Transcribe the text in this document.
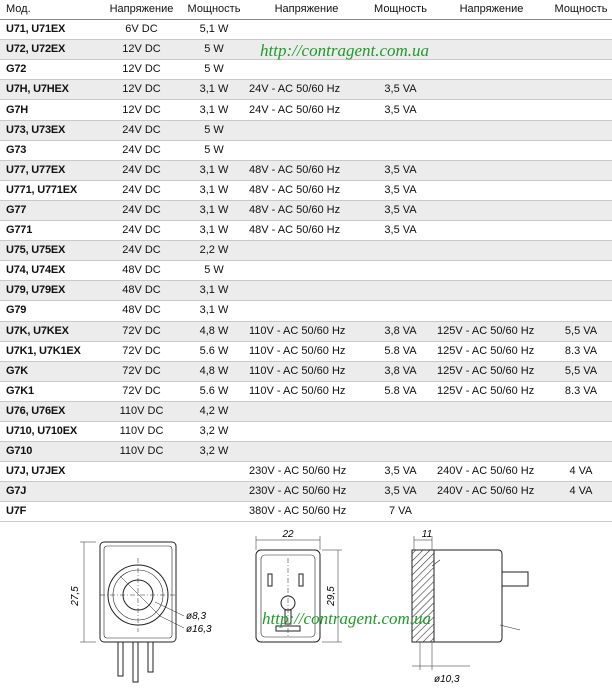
Мод.	Напряжение	Мощность	Напряжение	Мощность	Напряжение	Мощность
U71, U71EX	6V DC	5,1 W				
U72, U72EX	12V DC	5 W				
G72	12V DC	5 W				
U7H, U7HEX	12V DC	3,1 W	24V - AC 50/60 Hz	3,5 VA		
G7H	12V DC	3,1 W	24V - AC 50/60 Hz	3,5 VA		
U73, U73EX	24V DC	5 W				
G73	24V DC	5 W				
U77, U77EX	24V DC	3,1 W	48V - AC 50/60 Hz	3,5 VA		
U771, U771EX	24V DC	3,1 W	48V - AC 50/60 Hz	3,5 VA		
G77	24V DC	3,1 W	48V - AC 50/60 Hz	3,5 VA		
G771	24V DC	3,1 W	48V - AC 50/60 Hz	3,5 VA		
U75, U75EX	24V DC	2,2 W				
U74, U74EX	48V DC	5 W				
U79, U79EX	48V DC	3,1 W				
G79	48V DC	3,1 W				
U7K, U7KEX	72V DC	4,8 W	110V - AC 50/60 Hz	3,8 VA	125V - AC 50/60 Hz	5,5 VA
U7K1, U7K1EX	72V DC	5.6 W	110V - AC 50/60 Hz	5.8 VA	125V - AC 50/60 Hz	8.3 VA
G7K	72V DC	4,8 W	110V - AC 50/60 Hz	3,8 VA	125V - AC 50/60 Hz	5,5 VA
G7K1	72V DC	5.6 W	110V - AC 50/60 Hz	5.8 VA	125V - AC 50/60 Hz	8.3 VA
U76, U76EX	110V DC	4,2 W				
U710, U710EX	110V DC	3,2 W				
G710	110V DC	3,2 W				
U7J, U7JEX			230V - AC 50/60 Hz	3,5 VA	240V - AC 50/60 Hz	4 VA
G7J			230V - AC 50/60 Hz	3,5 VA	240V - AC 50/60 Hz	4 VA
U7F			380V - AC 50/60 Hz	7 VA		
http://contragent.com.ua
27,5
ø8,3
ø16,3
22
29,5
11
ø10,3
http://contragent.com.ua
